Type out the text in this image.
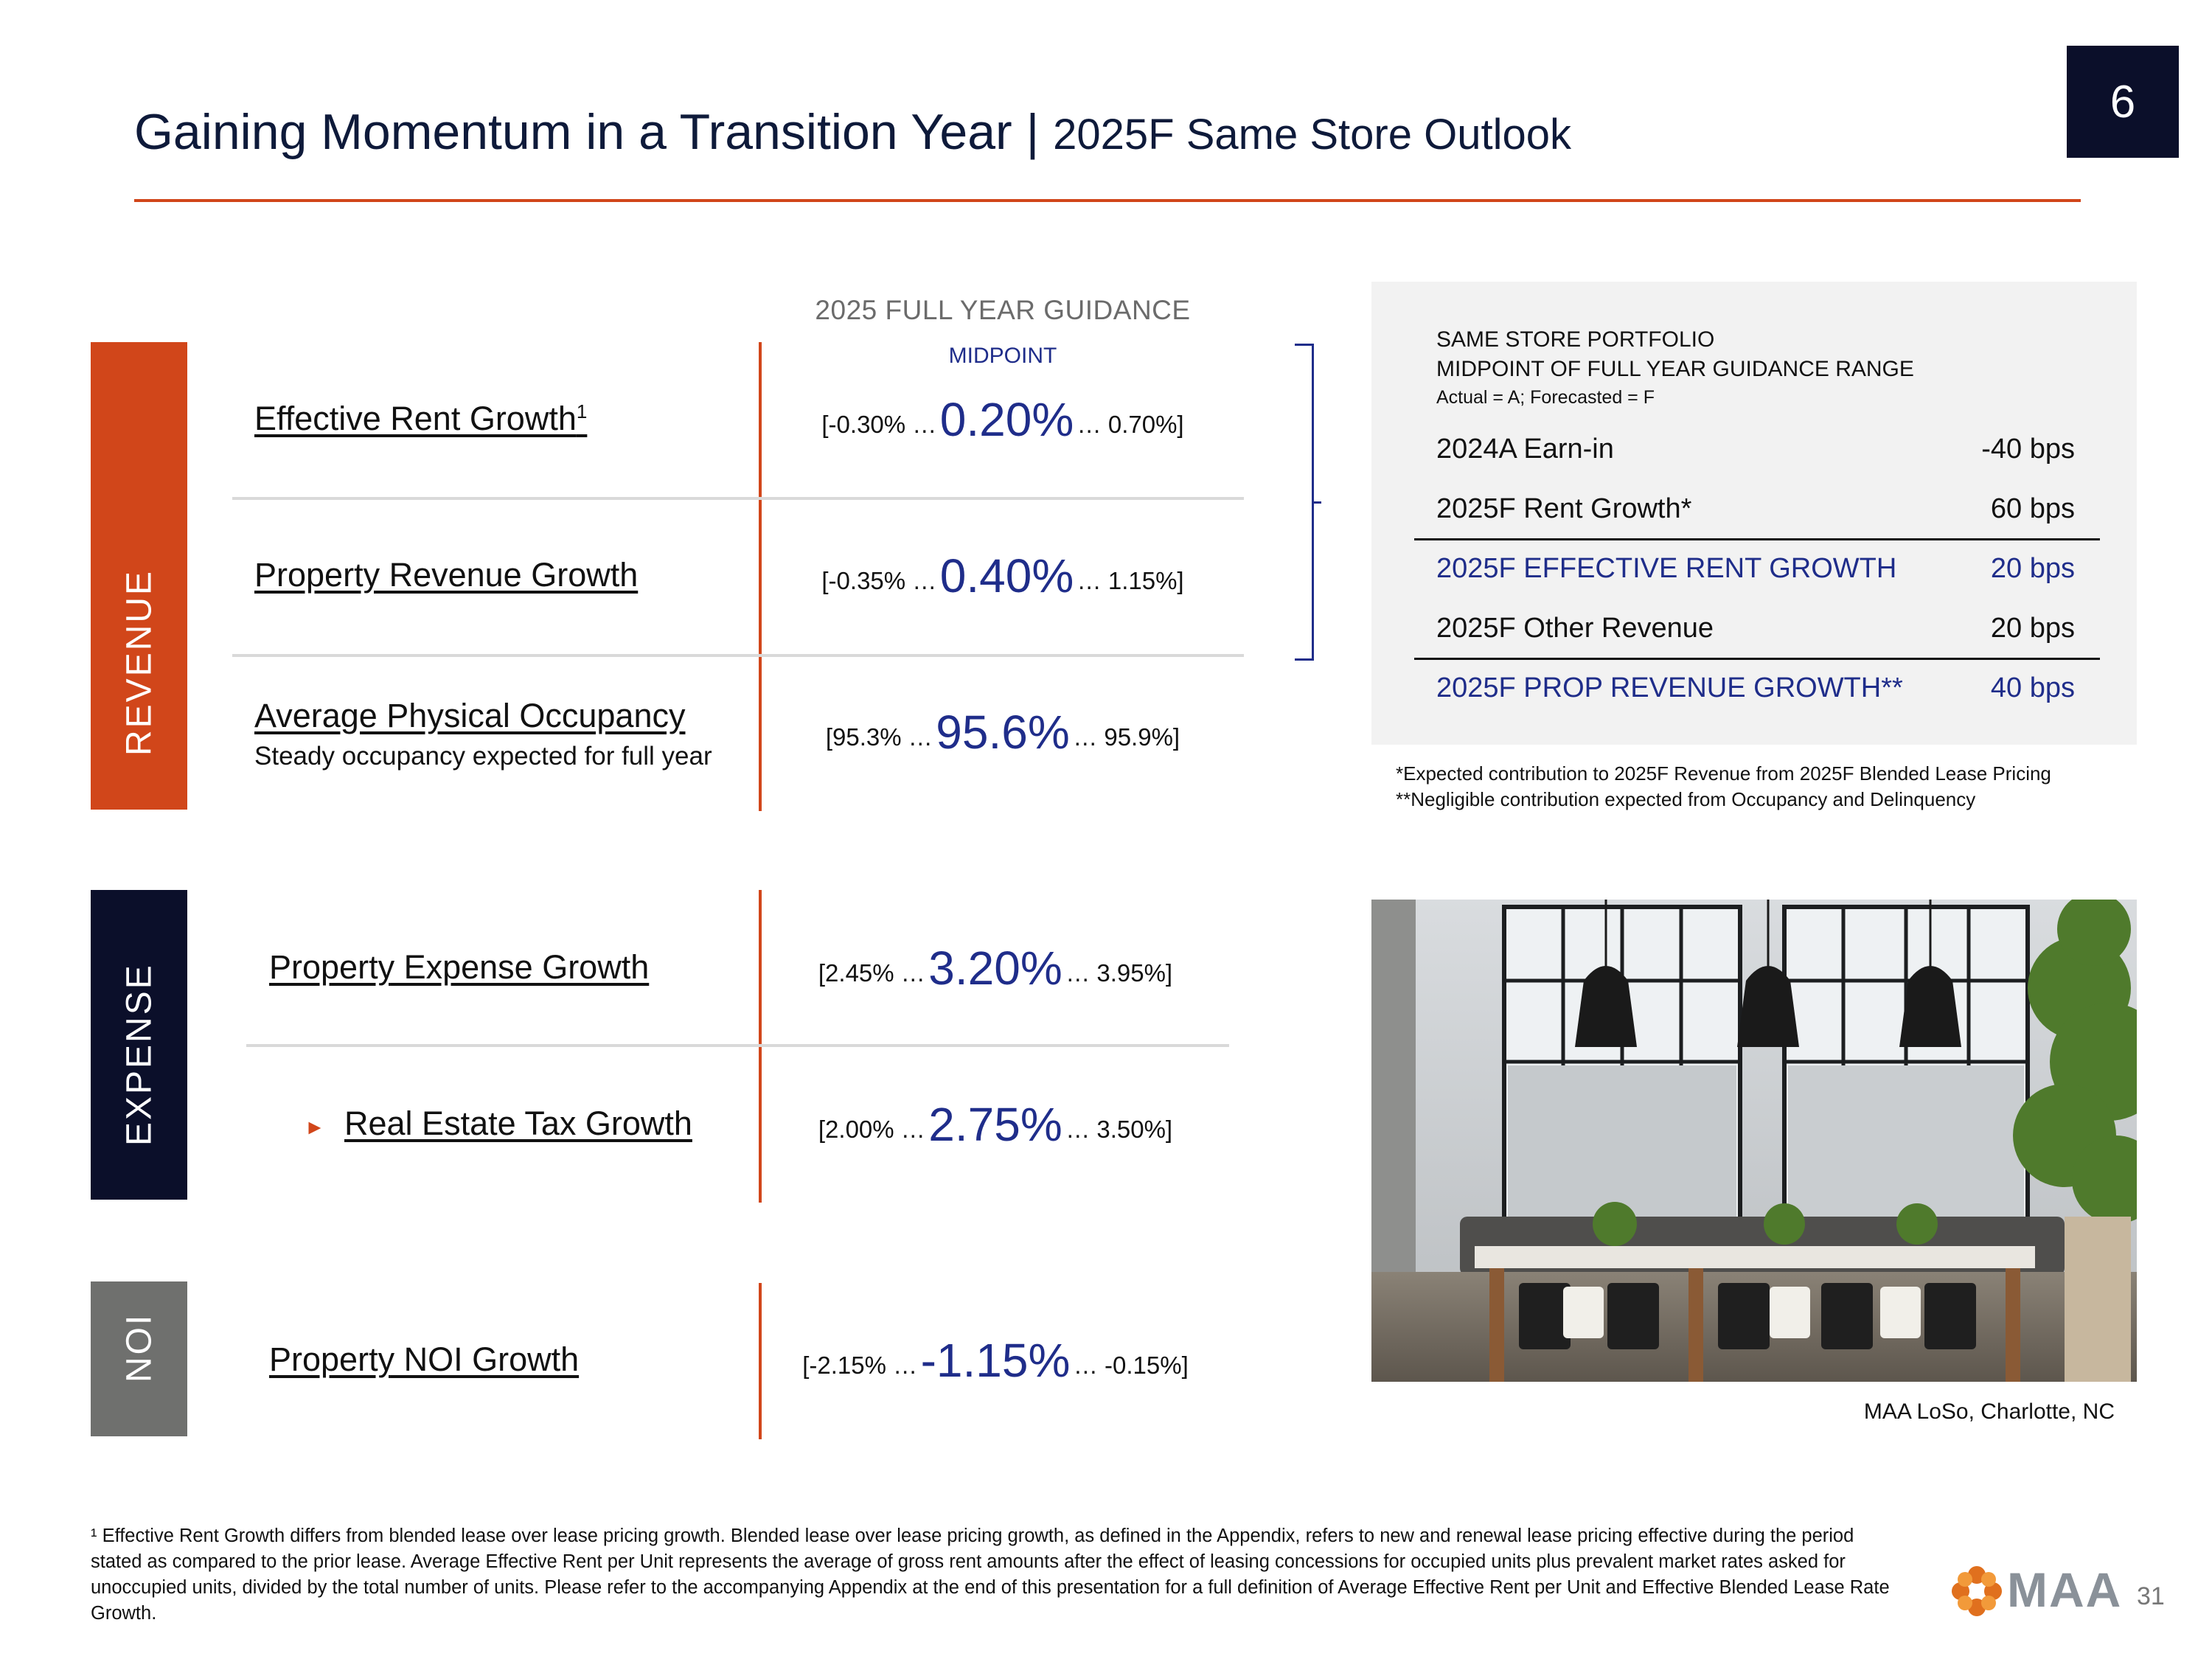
Gaining Momentum in a Transition Year | 2025F Same Store Outlook
6
2025 FULL YEAR GUIDANCE
MIDPOINT
REVENUE
EXPENSE
NOI
Effective Rent Growth$^1$	[-0.30% … 0.20% … 0.70%]
Property Revenue Growth	[-0.35% … 0.40% … 1.15%]
Average Physical Occupancy
Steady occupancy expected for full year
[95.3% … 95.6% … 95.9%]
Property Expense Growth	[2.45% … 3.20% … 3.95%]
► Real Estate Tax Growth	[2.00% … 2.75% … 3.50%]
Property NOI Growth	[-2.15% … -1.15% … -0.15%]
SAME STORE PORTFOLIO
MIDPOINT OF FULL YEAR GUIDANCE RANGE
Actual = A; Forecasted = F
2024A Earn-in	-40 bps
2025F Rent Growth*	60 bps
2025F EFFECTIVE RENT GROWTH	20 bps
2025F Other Revenue	20 bps
2025F PROP REVENUE GROWTH**	40 bps
*Expected contribution to 2025F Revenue from 2025F Blended Lease Pricing
**Negligible contribution expected from Occupancy and Delinquency
MAA LoSo, Charlotte, NC
¹ Effective Rent Growth differs from blended lease over lease pricing growth. Blended lease over lease pricing growth, as defined in the Appendix, refers to new and renewal lease pricing effective during the period stated as compared to the prior lease. Average Effective Rent per Unit represents the average of gross rent amounts after the effect of leasing concessions for occupied units plus prevalent market rates asked for unoccupied units, divided by the total number of units. Please refer to the accompanying Appendix at the end of this presentation for a full definition of Average Effective Rent per Unit and Effective Blended Lease Rate Growth.	MAA 31
